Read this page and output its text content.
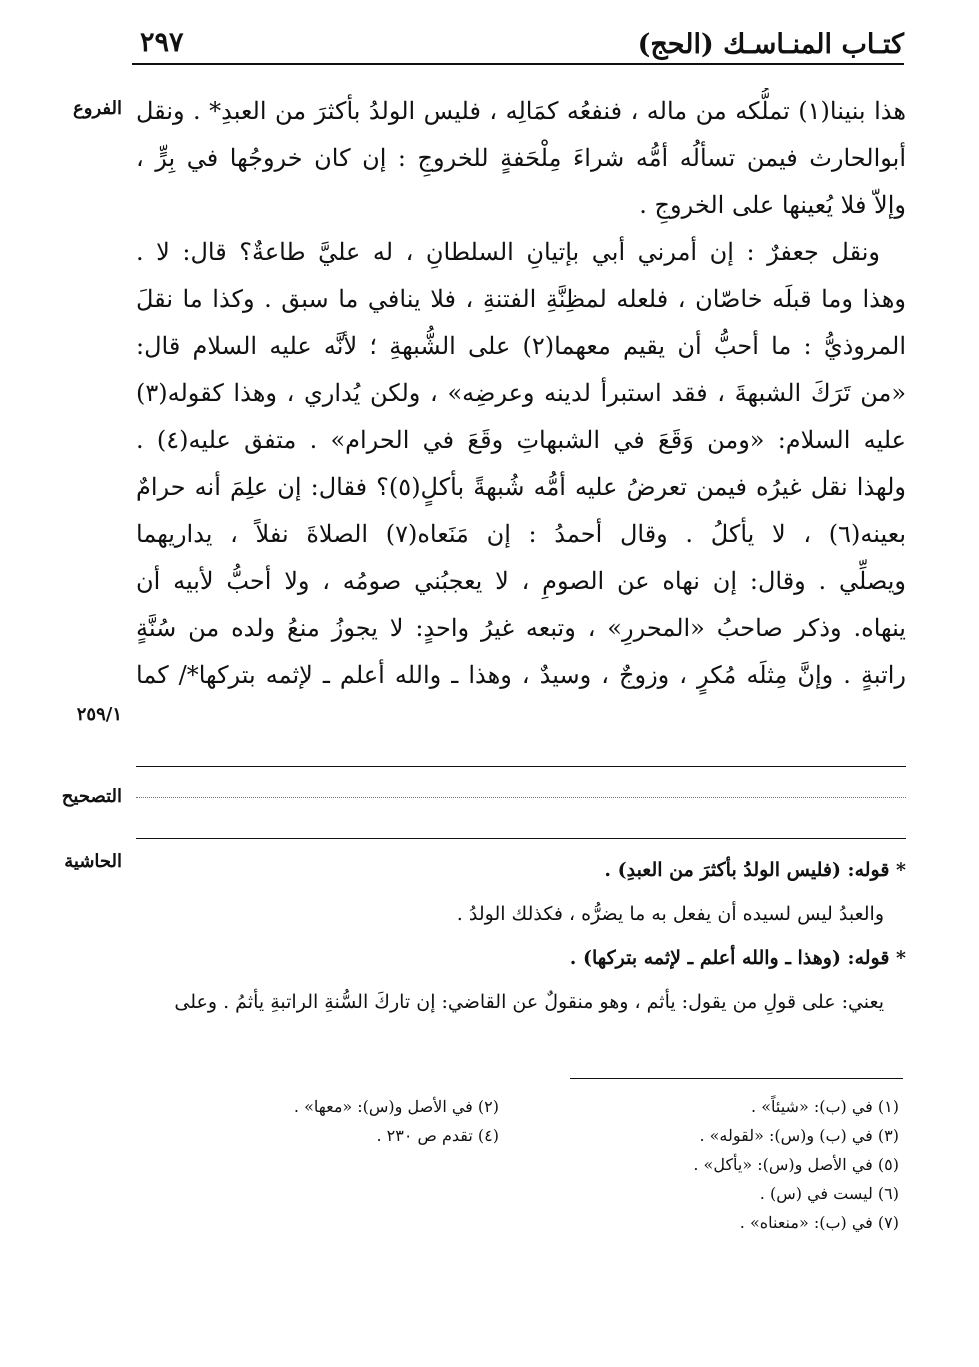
كتـاب المنـاسـك (الحج)
٢٩٧
الفروع
٢٥٩/١
التصحيح
الحاشية
هذا بنينا(١) تملُّكه من ماله ، فنفعُه كمَالِه ، فليس الولدُ بأكثرَ من العبدِ* . ونقل
أبوالحارث فيمن تسألُه أمُّه شراءَ مِلْحَفةٍ للخروجِ : إن كان خروجُها في بِرٍّ ،
وإلاّ فلا يُعينها على الخروجِ .
ونقل جعفرٌ : إن أمرني أبي بإتيانِ السلطانِ ، له عليَّ طاعةٌ؟ قال: لا .
وهذا وما قبلَه خاصّان ، فلعله لمظِنَّةِ الفتنةِ ، فلا ينافي ما سبق . وكذا ما نقلَ
المروذيُّ : ما أحبُّ أن يقيم معهما(٢) على الشُّبهةِ ؛ لأنَّه عليه السلام قال:
«من تَرَكَ الشبهةَ ، فقد استبرأ لدينه وعرضِه» ، ولكن يُداري ، وهذا كقوله(٣)
عليه السلام: «ومن وَقَعَ في الشبهاتِ وقَعَ في الحرام» . متفق عليه(٤) .
ولهذا نقل غيرُه فيمن تعرضُ عليه أمُّه شُبهةً بأكلٍ(٥)؟ فقال: إن علِمَ أنه حرامٌ
بعينه(٦) ، لا يأكلُ . وقال أحمدُ : إن مَنَعاه(٧) الصلاةَ نفلاً ، يداريهما
ويصلِّي . وقال: إن نهاه عن الصومِ ، لا يعجبُني صومُه ، ولا أحبُّ لأبيه أن
ينهاه. وذكر صاحبُ «المحررِ» ، وتبعه غيرُ واحدٍ: لا يجوزُ منعُ ولده من سُنَّةٍ
راتبةٍ . وإنَّ مِثلَه مُكرٍ ، وزوجٌ ، وسيدٌ ، وهذا ـ والله أعلم ـ لإثمه بتركها*/ كما
* قوله: (فليس الولدُ بأكثرَ من العبدِ) .
والعبدُ ليس لسيده أن يفعل به ما يضرُّه ، فكذلك الولدُ .
* قوله: (وهذا ـ والله أعلم ـ لإثمه بتركها) .
يعني: على قولِ من يقول: يأثم ، وهو منقولٌ عن القاضي: إن تاركَ السُّنةِ الراتبةِ يأثمُ . وعلى
(١) في (ب): «شيئاً» .
(٣) في (ب) و(س): «لقوله» .
(٥) في الأصل و(س): «يأكل» .
(٦) ليست في (س) .
(٧) في (ب): «منعناه» .
(٢) في الأصل و(س): «معها» .
(٤) تقدم ص ٢٣٠ .
